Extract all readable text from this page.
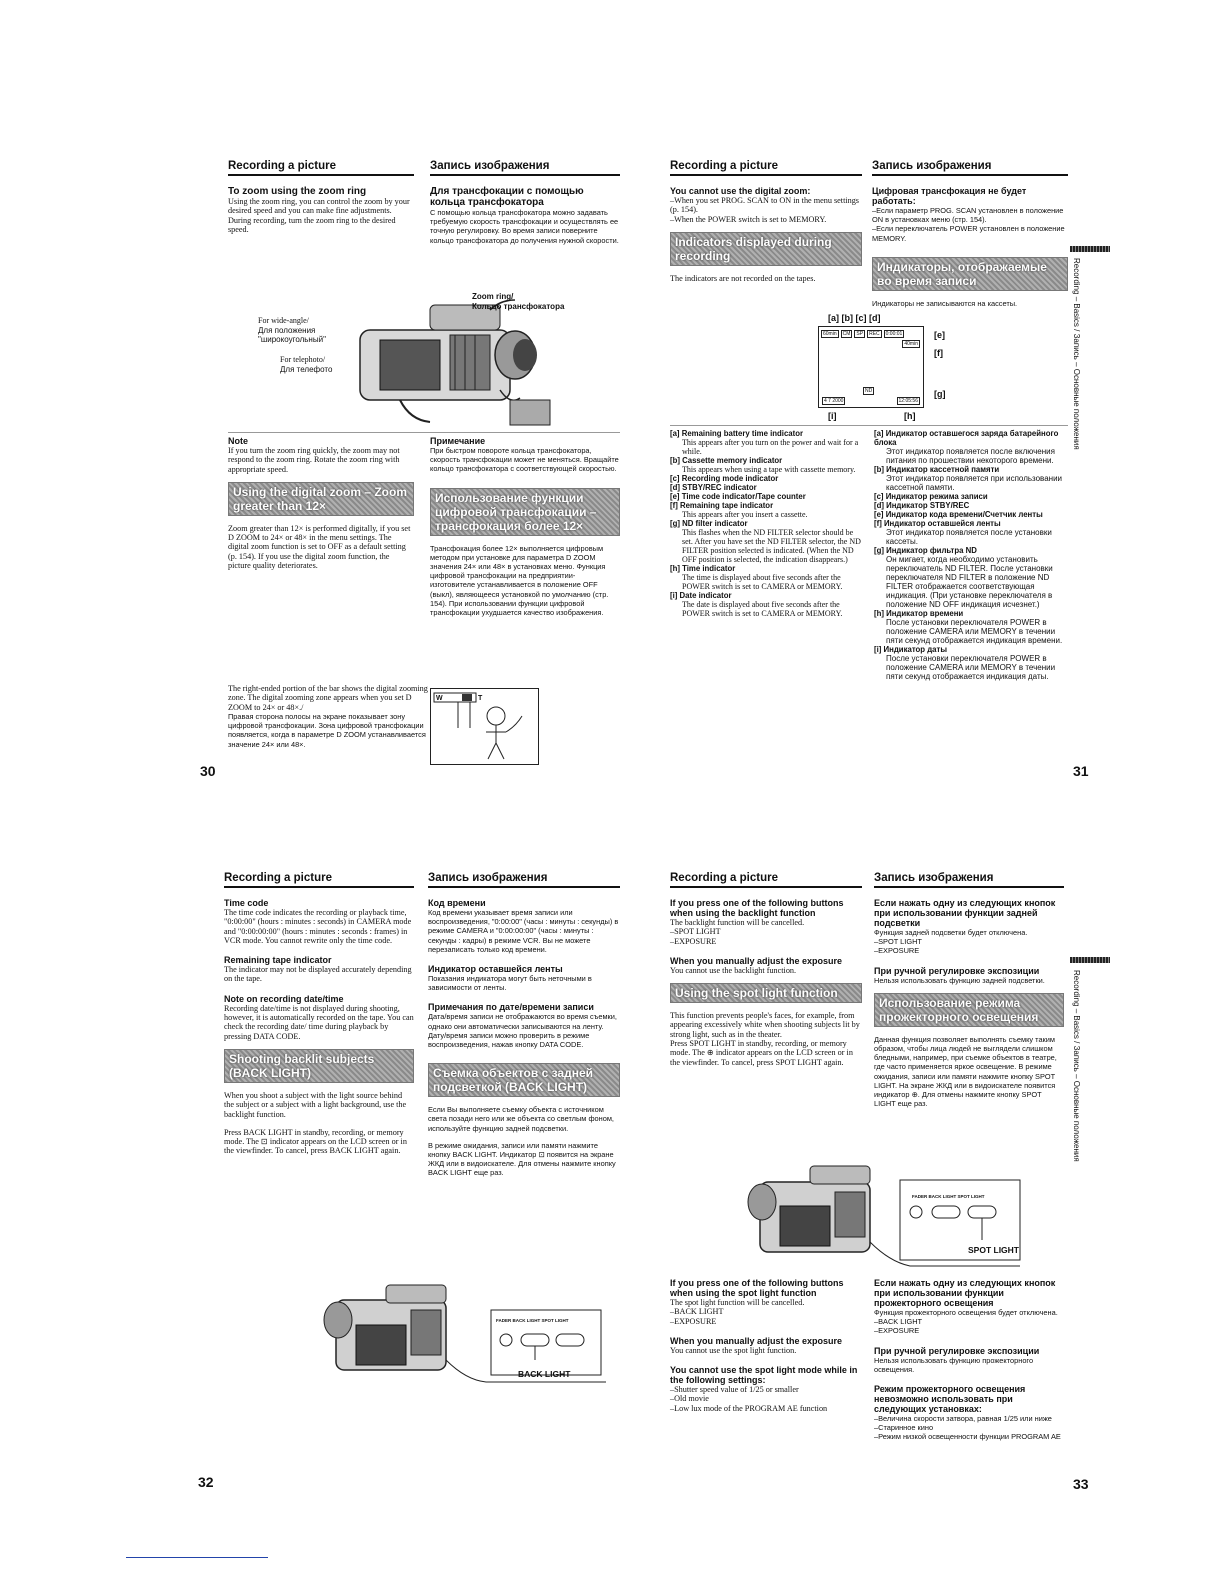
Recording a picture
To zoom using the zoom ring
Using the zoom ring, you can control the zoom by your desired speed and you can make fine adjustments. During recording, turn the zoom ring to the desired speed.
Запись изображения
Для трансфокации с помощью кольца трансфокатора
С помощью кольца трансфокатора можно задавать требуемую скорость трансфокации и осуществлять ее точную регулировку. Во время записи поверните кольцо трансфокатора до получения нужной скорости.
Zoom ring/
Кольцо трансфокатора
For wide-angle/
Для положения
"широкоугольный"
For telephoto/
Для телефото
Note
If you turn the zoom ring quickly, the zoom may not respond to the zoom ring. Rotate the zoom ring with appropriate speed.
Using the digital zoom – Zoom greater than 12×
Zoom greater than 12× is performed digitally, if you set D ZOOM to 24× or 48× in the menu settings. The digital zoom function is set to OFF as a default setting (p. 154). If you use the digital zoom function, the picture quality deteriorates.
Примечание
При быстром повороте кольца трансфокатора, скорость трансфокации может не меняться. Вращайте кольцо трансфокатора с соответствующей скоростью.
Использование функции цифровой трансфокации – трансфокация более 12×
Трансфокация более 12× выполняется цифровым методом при установке для параметра D ZOOM значения 24× или 48× в установках меню. Функция цифровой трансфокации на предприятии-изготовителе устанавливается в положение OFF (выкл), являющееся установкой по умолчанию (стр. 154). При использовании функции цифровой трансфокации ухудшается качество изображения.
The right-ended portion of the bar shows the digital zooming zone. The digital zooming zone appears when you set D ZOOM to 24× or 48×./
Правая сторона полосы на экране показывает зону цифровой трансфокации. Зона цифровой трансфокации появляется, когда в параметре D ZOOM устанавливается значение 24× или 48×.
W	T
30
Recording a picture
You cannot use the digital zoom:
–When you set PROG. SCAN to ON in the menu settings (p. 154).
–When the POWER switch is set to MEMORY.
Indicators displayed during recording
The indicators are not recorded on the tapes.
Запись изображения
Цифровая трансфокация не будет работать:
–Если параметр PROG. SCAN установлен в положение ON в установках меню (стр. 154).
–Если переключатель POWER установлен в положение MEMORY.
Индикаторы, отображаемые во время записи
Индикаторы не записываются на кассеты.
[a] [b] [c] [d]
60min	CM	SP	REC	0:00:01
40min
ND
4 7 2000	12:05:56
[e]
[f]
[g]
[i]	[h]
[a] Remaining battery time indicator
This appears after you turn on the power and wait for a while.
[b] Cassette memory indicator
This appears when using a tape with cassette memory.
[c] Recording mode indicator
[d] STBY/REC indicator
[e] Time code indicator/Tape counter
[f] Remaining tape indicator
This appears after you insert a cassette.
[g] ND filter indicator
This flashes when the ND FILTER selector should be set. After you have set the ND FILTER selector, the ND FILTER position selected is indicated. (When the ND OFF position is selected, the indication disappears.)
[h] Time indicator
The time is displayed about five seconds after the POWER switch is set to CAMERA or MEMORY.
[i] Date indicator
The date is displayed about five seconds after the POWER switch is set to CAMERA or MEMORY.
[a] Индикатор оставшегося заряда батарейного блока
Этот индикатор появляется после включения питания по прошествии некоторого времени.
[b] Индикатор кассетной памяти
Этот индикатор появляется при использовании кассетной памяти.
[c] Индикатор режима записи
[d] Индикатор STBY/REC
[e] Индикатор кода времени/Счетчик ленты
[f] Индикатор оставшейся ленты
Этот индикатор появляется после установки кассеты.
[g] Индикатор фильтра ND
Он мигает, когда необходимо установить переключатель ND FILTER. После установки переключателя ND FILTER в положение ND FILTER отображается соответствующая индикация. (При установке переключателя в положение ND OFF индикация исчезнет.)
[h] Индикатор времени
После установки переключателя POWER в положение CAMERA или MEMORY в течении пяти секунд отображается индикация времени.
[i] Индикатор даты
После установки переключателя POWER в положение CAMERA или MEMORY в течении пяти секунд отображается индикация даты.
Recording – Basics / Запись – Основные положения
31
Recording a picture
Time code
The time code indicates the recording or playback time, "0:00:00" (hours : minutes : seconds) in CAMERA mode and "0:00:00:00" (hours : minutes : seconds : frames) in VCR mode. You cannot rewrite only the time code.
Remaining tape indicator
The indicator may not be displayed accurately depending on the tape.
Note on recording date/time
Recording date/time is not displayed during shooting, however, it is automatically recorded on the tape. You can check the recording date/ time during playback by pressing DATA CODE.
Shooting backlit subjects (BACK LIGHT)
When you shoot a subject with the light source behind the subject or a subject with a light background, use the backlight function.
Press BACK LIGHT in standby, recording, or memory mode. The ⊡ indicator appears on the LCD screen or in the viewfinder. To cancel, press BACK LIGHT again.
Запись изображения
Код времени
Код времени указывает время записи или воспроизведения, "0:00:00" (часы : минуты : секунды) в режиме CAMERA и "0:00:00:00" (часы : минуты : секунды : кадры) в режиме VCR. Вы не можете перезаписать только код времени.
Индикатор оставшейся ленты
Показания индикатора могут быть неточными в зависимости от ленты.
Примечания по дате/времени записи
Дата/время записи не отображаются во время съемки, однако они автоматически записываются на ленту. Дату/время записи можно проверить в режиме воспроизведения, нажав кнопку DATA CODE.
Съемка объектов с задней подсветкой (BACK LIGHT)
Если Вы выполняете съемку объекта с источником света позади него или же объекта со светлым фоном, используйте функцию задней подсветки.
В режиме ожидания, записи или памяти нажмите кнопку BACK LIGHT. Индикатор ⊡ появится на экране ЖКД или в видоискателе. Для отмены нажмите кнопку BACK LIGHT еще раз.
FADER BACK LIGHT SPOT LIGHT
BACK LIGHT
32
Recording a picture
If you press one of the following buttons when using the backlight function
The backlight function will be cancelled.
–SPOT LIGHT
–EXPOSURE
When you manually adjust the exposure
You cannot use the backlight function.
Using the spot light function
This function prevents people's faces, for example, from appearing excessively white when shooting subjects lit by strong light, such as in the theater.
Press SPOT LIGHT in standby, recording, or memory mode. The ⊕ indicator appears on the LCD screen or in the viewfinder. To cancel, press SPOT LIGHT again.
Запись изображения
Если нажать одну из следующих кнопок при использовании функции задней подсветки
Функция задней подсветки будет отключена.
–SPOT LIGHT
–EXPOSURE
При ручной регулировке экспозиции
Нельзя использовать функцию задней подсветки.
Использование режима прожекторного освещения
Данная функция позволяет выполнять съемку таким образом, чтобы лица людей не выглядели слишком бледными, например, при съемке объектов в театре, где часто применяется яркое освещение. В режиме ожидания, записи или памяти нажмите кнопку SPOT LIGHT. На экране ЖКД или в видоискателе появится индикатор ⊕. Для отмены нажмите кнопку SPOT LIGHT еще раз.
FADER BACK LIGHT SPOT LIGHT
SPOT LIGHT
If you press one of the following buttons when using the spot light function
The spot light function will be cancelled.
–BACK LIGHT
–EXPOSURE
When you manually adjust the exposure
You cannot use the spot light function.
You cannot use the spot light mode while in the following settings:
–Shutter speed value of 1/25 or smaller
–Old movie
–Low lux mode of the PROGRAM AE function
Если нажать одну из следующих кнопок при использовании функции прожекторного освещения
Функция прожекторного освещения будет отключена.
–BACK LIGHT
–EXPOSURE
При ручной регулировке экспозиции
Нельзя использовать функцию прожекторного освещения.
Режим прожекторного освещения невозможно использовать при следующих установках:
–Величина скорости затвора, равная 1/25 или ниже
–Старинное кино
–Режим низкой освещенности функции PROGRAM AE
Recording – Basics / Запись – Основные положения
33
